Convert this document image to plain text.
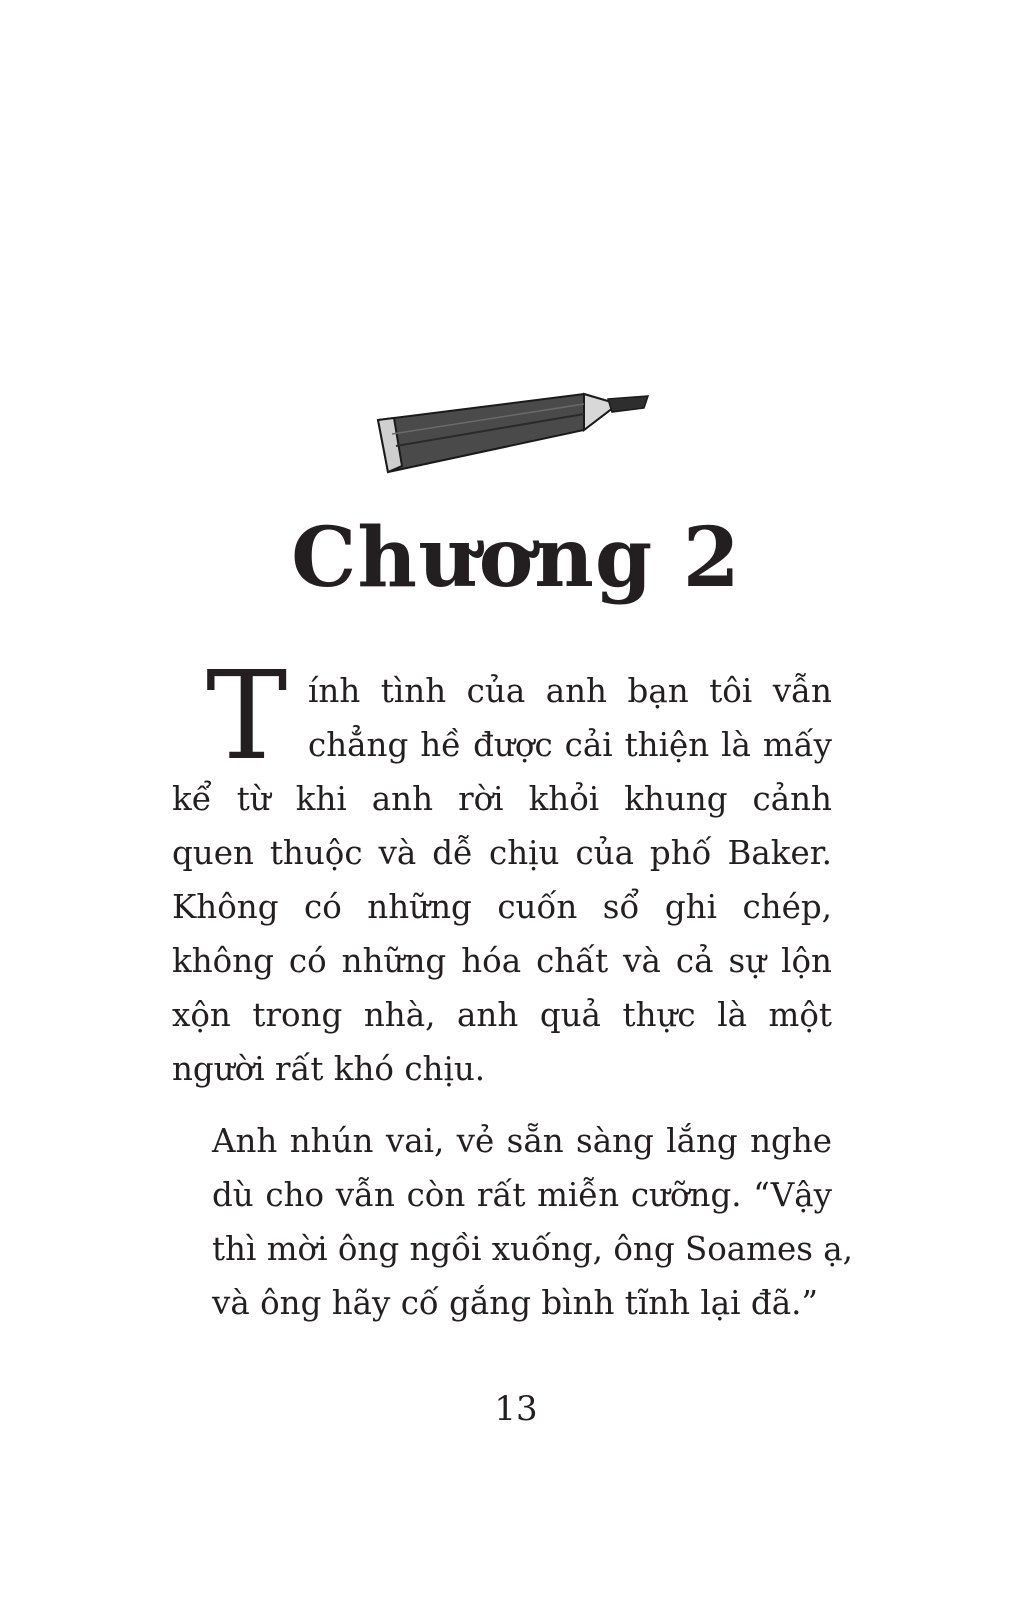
Chương 2

T ính tình của anh bạn tôi vẫn
chẳng hề được cải thiện là mấy
kể từ khi anh rời khỏi khung cảnh
quen thuộc và dễ chịu của phố Baker.
Không có những cuốn sổ ghi chép,
không có những hóa chất và cả sự lộn
xộn trong nhà, anh quả thực là một
người rất khó chịu.

Anh nhún vai, vẻ sẵn sàng lắng nghe
dù cho vẫn còn rất miễn cưỡng. “Vậy
thì mời ông ngồi xuống, ông Soames ạ,
và ông hãy cố gắng bình tĩnh lại đã.”

13
